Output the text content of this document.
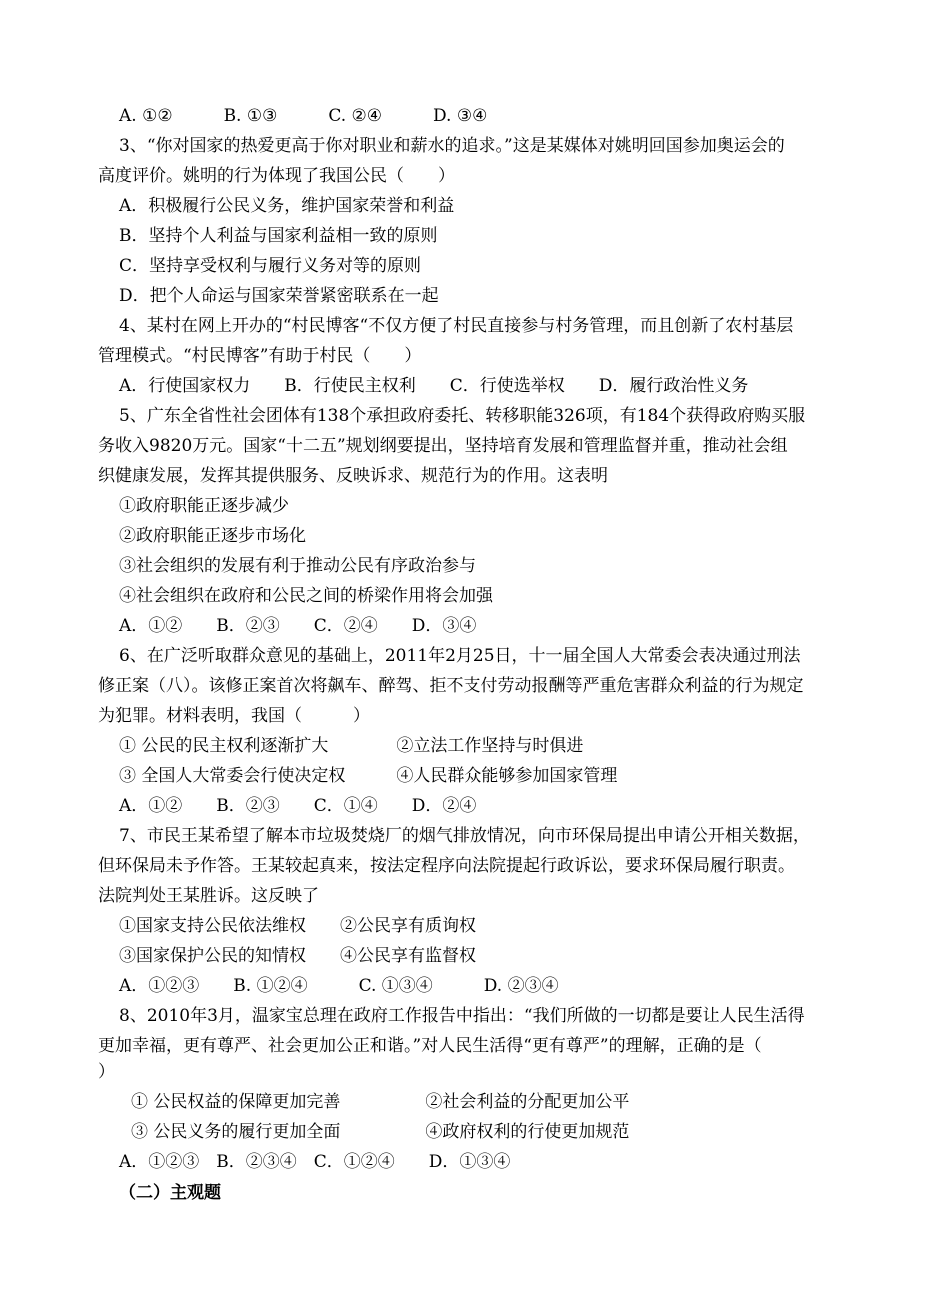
A. ①②　　　B. ①③　　　C. ②④　　　D. ③④
3、“你对国家的热爱更高于你对职业和薪水的追求。”这是某媒体对姚明回国参加奥运会的
高度评价。姚明的行为体现了我国公民（　　）
A．积极履行公民义务，维护国家荣誉和利益
B．坚持个人利益与国家利益相一致的原则
C．坚持享受权利与履行义务对等的原则
D．把个人命运与国家荣誉紧密联系在一起
4、某村在网上开办的“村民博客“不仅方便了村民直接参与村务管理，而且创新了农村基层
管理模式。“村民博客”有助于村民（　　）
A．行使国家权力　　B．行使民主权利　　C．行使选举权　　D．履行政治性义务
5、广东全省性社会团体有138个承担政府委托、转移职能326项，有184个获得政府购买服
务收入9820万元。国家“十二五”规划纲要提出，坚持培育发展和管理监督并重，推动社会组
织健康发展，发挥其提供服务、反映诉求、规范行为的作用。这表明
①政府职能正逐步减少
②政府职能正逐步市场化
③社会组织的发展有利于推动公民有序政治参与
④社会组织在政府和公民之间的桥梁作用将会加强
A．①②　　B．②③　　C．②④　　D．③④
6、在广泛听取群众意见的基础上，2011年2月25日，十一届全国人大常委会表决通过刑法
修正案（八）。该修正案首次将飙车、醉驾、拒不支付劳动报酬等严重危害群众利益的行为规定
为犯罪。材料表明，我国（　　　）
① 公民的民主权利逐渐扩大　　　　②立法工作坚持与时俱进
③ 全国人大常委会行使决定权　　　④人民群众能够参加国家管理
A．①②　　B．②③　　C．①④　　D．②④
7、市民王某希望了解本市垃圾焚烧厂的烟气排放情况，向市环保局提出申请公开相关数据，
但环保局未予作答。王某较起真来，按法定程序向法院提起行政诉讼，要求环保局履行职责。
法院判处王某胜诉。这反映了
①国家支持公民依法维权　　②公民享有质询权
③国家保护公民的知情权　　④公民享有监督权
A．①②③　　B. ①②④　　　C. ①③④　　　D. ②③④
8、2010年3月，温家宝总理在政府工作报告中指出：“我们所做的一切都是要让人民生活得
更加幸福，更有尊严、社会更加公正和谐。”对人民生活得“更有尊严”的理解，正确的是（
）
① 公民权益的保障更加完善　　　　　②社会利益的分配更加公平
③ 公民义务的履行更加全面　　　　　④政府权利的行使更加规范
A．①②③　B．②③④　C．①②④　　D．①③④
（二）主观题
